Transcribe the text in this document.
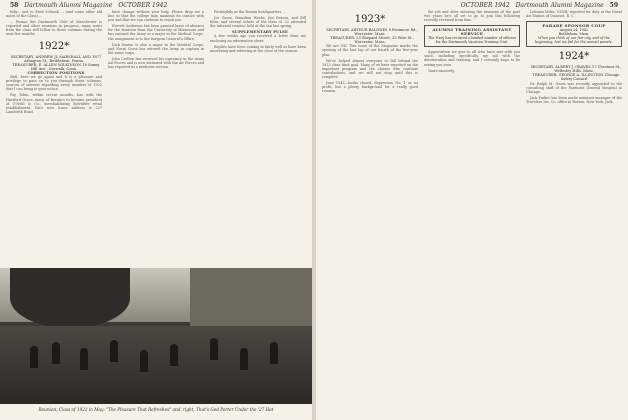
58 Dartmouth Alumni Magazine OCTOBER 1942

fully... and to Fred Schwab ... (and some other old notes of the Class) ...

… Pumas the Dartmouth Club of Manchester is reported and other reunions in progress, many notes from the class will follow in these columns during the next few months.

1922*

SECRETARY, ANDREW JL MARSHALL AND 1877 Arlington St., Bethlehem, Penna.

TREASURER, E. ALLEN WILKINSON 18 Sunny Hill Ave., Norwalk, Conn.

CORRECTION POSITIONS

Well, here we go again and it is a pleasure and privilege to pass on to you through these columns, sources of interest regarding every member of 1922 that I can bring to your notice.

Pay Tobin, within recent months, has with the Hartford Grace, many of Bergin's to become president of O'Neill & Co., merchandising Belvidere retail establishment. Pat's new home address is 227 Lamberth Road.

have change without your help. Please drop me a line so that the college may maintain its contact with you and that we can continue to reach you.

Everett Anderson has been granted leave of absence for the duration from the University of Minnesota and has entered the Army as a major in the Medical Corps. His assignment is to the Surgeon General's Office.

Dick Sexton is also a major in the Medical Corps, and Norm Cross has entered the Army as captain in the same corps.

John Carlton has received his captaincy in the Army Air Forces and is now stationed with the Air Forces and has reported as a medicine section.

Fortnightly at the Boston headquarters ...

Joe Grose, Hamilton Weeks, Jim Dotson, and Bill Kent, and several others of the class of '22 attended the informal reunion held at the Inn last spring.

SUPPLEMENTARY PULSE

A few weeks ago you received a letter from me enclosing an information sheet.

Replies have been coming in fairly well as have been answering and referring at the close of the season.

Reunion, Class of 1922 in May: "The Pleasure That Refreshes" and, right, That's Ged Porter Under the '27 Hat
OCTOBER 1942 Dartmouth Alumni Magazine 59
1923*

SECRETARY, ARTHUR BALDWIN 8 Fenimore Rd., Worcester, Mass.

TREASURER, 23 Shepard Street, 35 Wise St., Worcester, Mass.

We are OK! This issue of the Magazine marks the opening of the last lap of our fourth of the five-year plan.

We've helped almost everyone to fall behind the 1923 class fund goal. Many of us have reported on the important program and the classes who continue contributions, and we will not stop until this is complete.

June 1943—books closed, depression No. 1 or no profit, but a plenty background for a really good reunion.

the job and after entering the reunions of the past two years he's all set to go to join this following recently received from him.

ALUMNI TRAINING ASSISTANT SERVICE
The Navy has received a limited number of officers for the Dartmouth Vacation Training Unit.

Appreciation we give to all who have met with you since, including specifically my aid with the deterioration and training, and I certainly hope to be seeing you soon.

Yours sincerely,

Lehman Miles, USNR, reported for duty at the Naval Air Station of Quonset, R. I.

PARADE SPONSOR COUP
August 24, 1942
Bethlehem, Mass.
When you think of our fair city, and of the beginning, lest we fail for the annual parade.
1924*

SECRETARY, ALBERT J. GRAVES 17 Chestnut St., Wellesley Hills, Mass.

TREASURER, GEORGE A. ILLINGTON Chicago Safety Council

Dr. Ralph M. Owen was recently appointed to the consulting staff of the Fairhurst General Hospital in Chicago.

Jack Parker has been made assistant manager of the Travelers Ins. Co. office in Boston, New York, Jack.
